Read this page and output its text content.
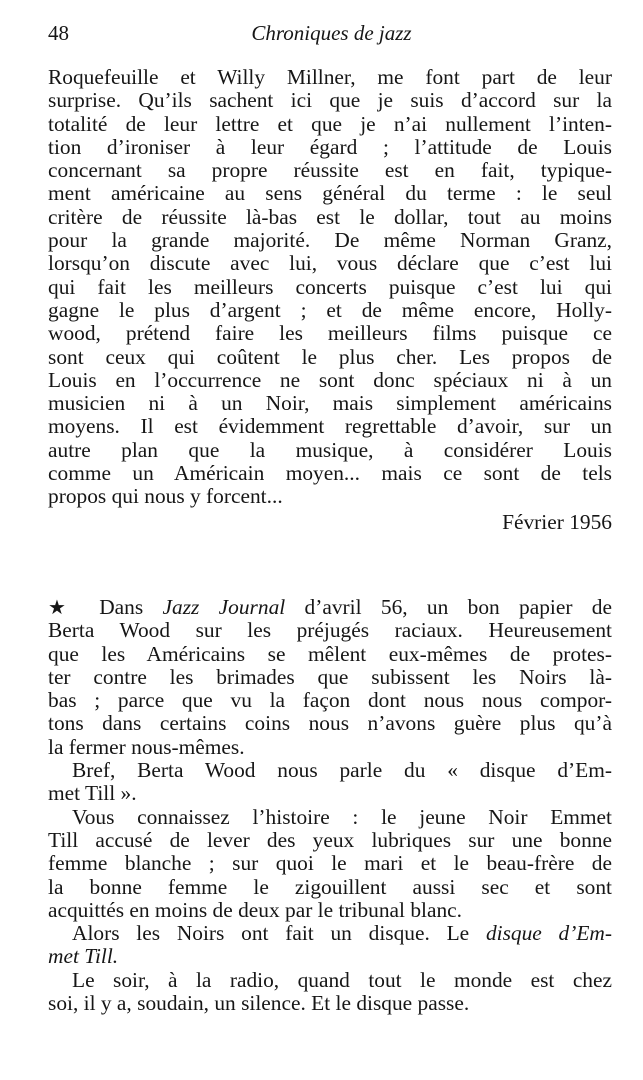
48	Chroniques de jazz
Roquefeuille et Willy Millner, me font part de leur
surprise. Qu’ils sachent ici que je suis d’accord sur la
totalité de leur lettre et que je n’ai nullement l’inten-
tion d’ironiser à leur égard ; l’attitude de Louis
concernant sa propre réussite est en fait, typique-
ment américaine au sens général du terme : le seul
critère de réussite là-bas est le dollar, tout au moins
pour la grande majorité. De même Norman Granz,
lorsqu’on discute avec lui, vous déclare que c’est lui
qui fait les meilleurs concerts puisque c’est lui qui
gagne le plus d’argent ; et de même encore, Holly-
wood, prétend faire les meilleurs films puisque ce
sont ceux qui coûtent le plus cher. Les propos de
Louis en l’occurrence ne sont donc spéciaux ni à un
musicien ni à un Noir, mais simplement américains
moyens. Il est évidemment regrettable d’avoir, sur un
autre plan que la musique, à considérer Louis
comme un Américain moyen... mais ce sont de tels
propos qui nous y forcent...
Février 1956
★ Dans Jazz Journal d’avril 56, un bon papier de
Berta Wood sur les préjugés raciaux. Heureusement
que les Américains se mêlent eux-mêmes de protes-
ter contre les brimades que subissent les Noirs là-
bas ; parce que vu la façon dont nous nous compor-
tons dans certains coins nous n’avons guère plus qu’à
la fermer nous-mêmes.
Bref, Berta Wood nous parle du « disque d’Em-
met Till ».
Vous connaissez l’histoire : le jeune Noir Emmet
Till accusé de lever des yeux lubriques sur une bonne
femme blanche ; sur quoi le mari et le beau-frère de
la bonne femme le zigouillent aussi sec et sont
acquittés en moins de deux par le tribunal blanc.
Alors les Noirs ont fait un disque. Le disque d’Em-
met Till.
Le soir, à la radio, quand tout le monde est chez
soi, il y a, soudain, un silence. Et le disque passe.
